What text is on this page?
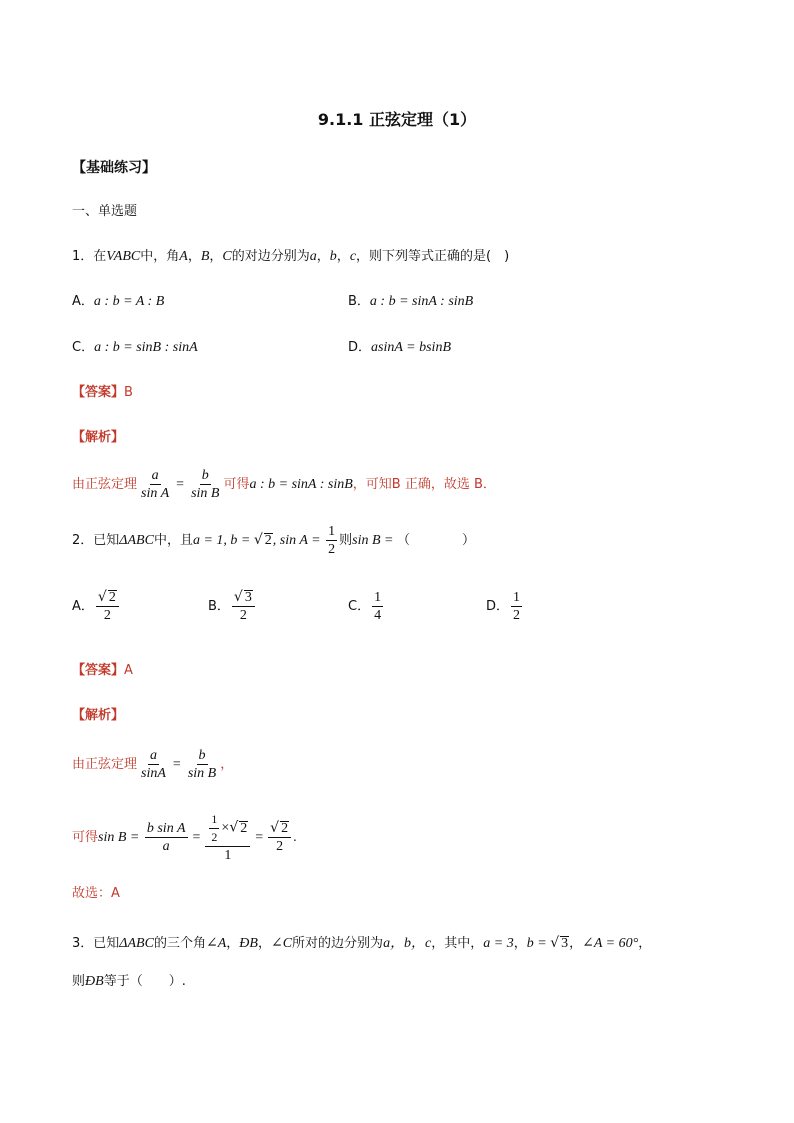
9.1.1 正弦定理（1）
【基础练习】
一、单选题
1．在VABC中，角A，B，C的对边分别为a，b，c，则下列等式正确的是(　)
A．a : b = A : B	B．a : b = sinA : sinB
C．a : b = sinB : sinA	D．asinA = bsinB
【答案】B
【解析】
由正弦定理 $\frac{a}{\text{sin A}} = \frac{b}{\text{sin B}}$ 可得a : b = sinA : sinB，可知B 正确，故选 B．
2．已知ΔABC中，且a = 1, b = √ 2, $\sin A = \frac{1}{2}$ 则sin B = （　　　　）
A． $\frac{√ 2}{2}$	B． $\frac{√ 3}{2}$	C． $\frac{1}{4}$	D． $\frac{1}{2}$
【答案】A
【解析】
由正弦定理 $\frac{a}{\sin A} = \frac{b}{\text{sin B}}$ ，
可得$\sin B = \frac{\text{b sin A}}{a} = \frac{\frac{1}{2} \times√ 2}{1} = \frac{√ 2}{2}$ .
故选：A
3．已知ΔABC的三个角∠A，ÐB，∠C所对的边分别为a，b，c，其中，a = 3，b = √ 3，∠A = 60°，
则ÐB等于（　　）.
